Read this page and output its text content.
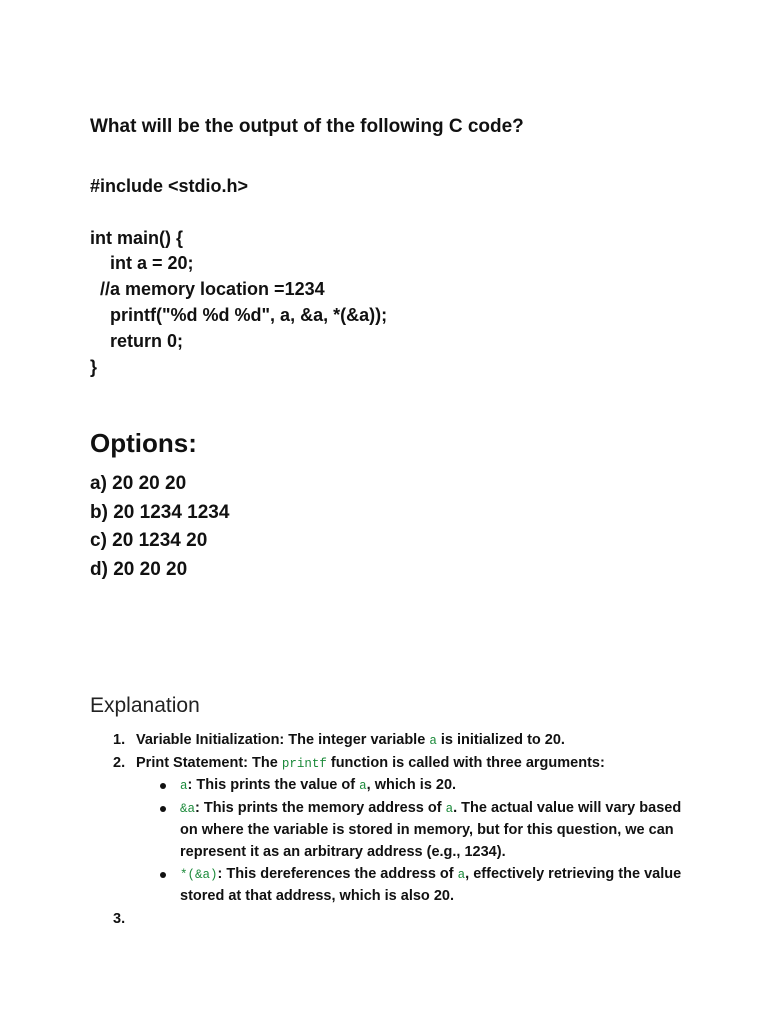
What will be the output of the following C code?
#include <stdio.h>
int main() {
int a = 20;
//a memory location =1234
printf("%d %d %d", a, &a, *(&a));
return 0;
}
Options:
a) 20 20 20
b) 20 1234 1234
c) 20 1234 20
d) 20 20 20
Explanation
1. Variable Initialization: The integer variable a is initialized to 20.
2. Print Statement: The printf function is called with three arguments:
a: This prints the value of a, which is 20.
&a: This prints the memory address of a. The actual value will vary based on where the variable is stored in memory, but for this question, we can represent it as an arbitrary address (e.g., 1234).
*(&a): This dereferences the address of a, effectively retrieving the value stored at that address, which is also 20.
3.
